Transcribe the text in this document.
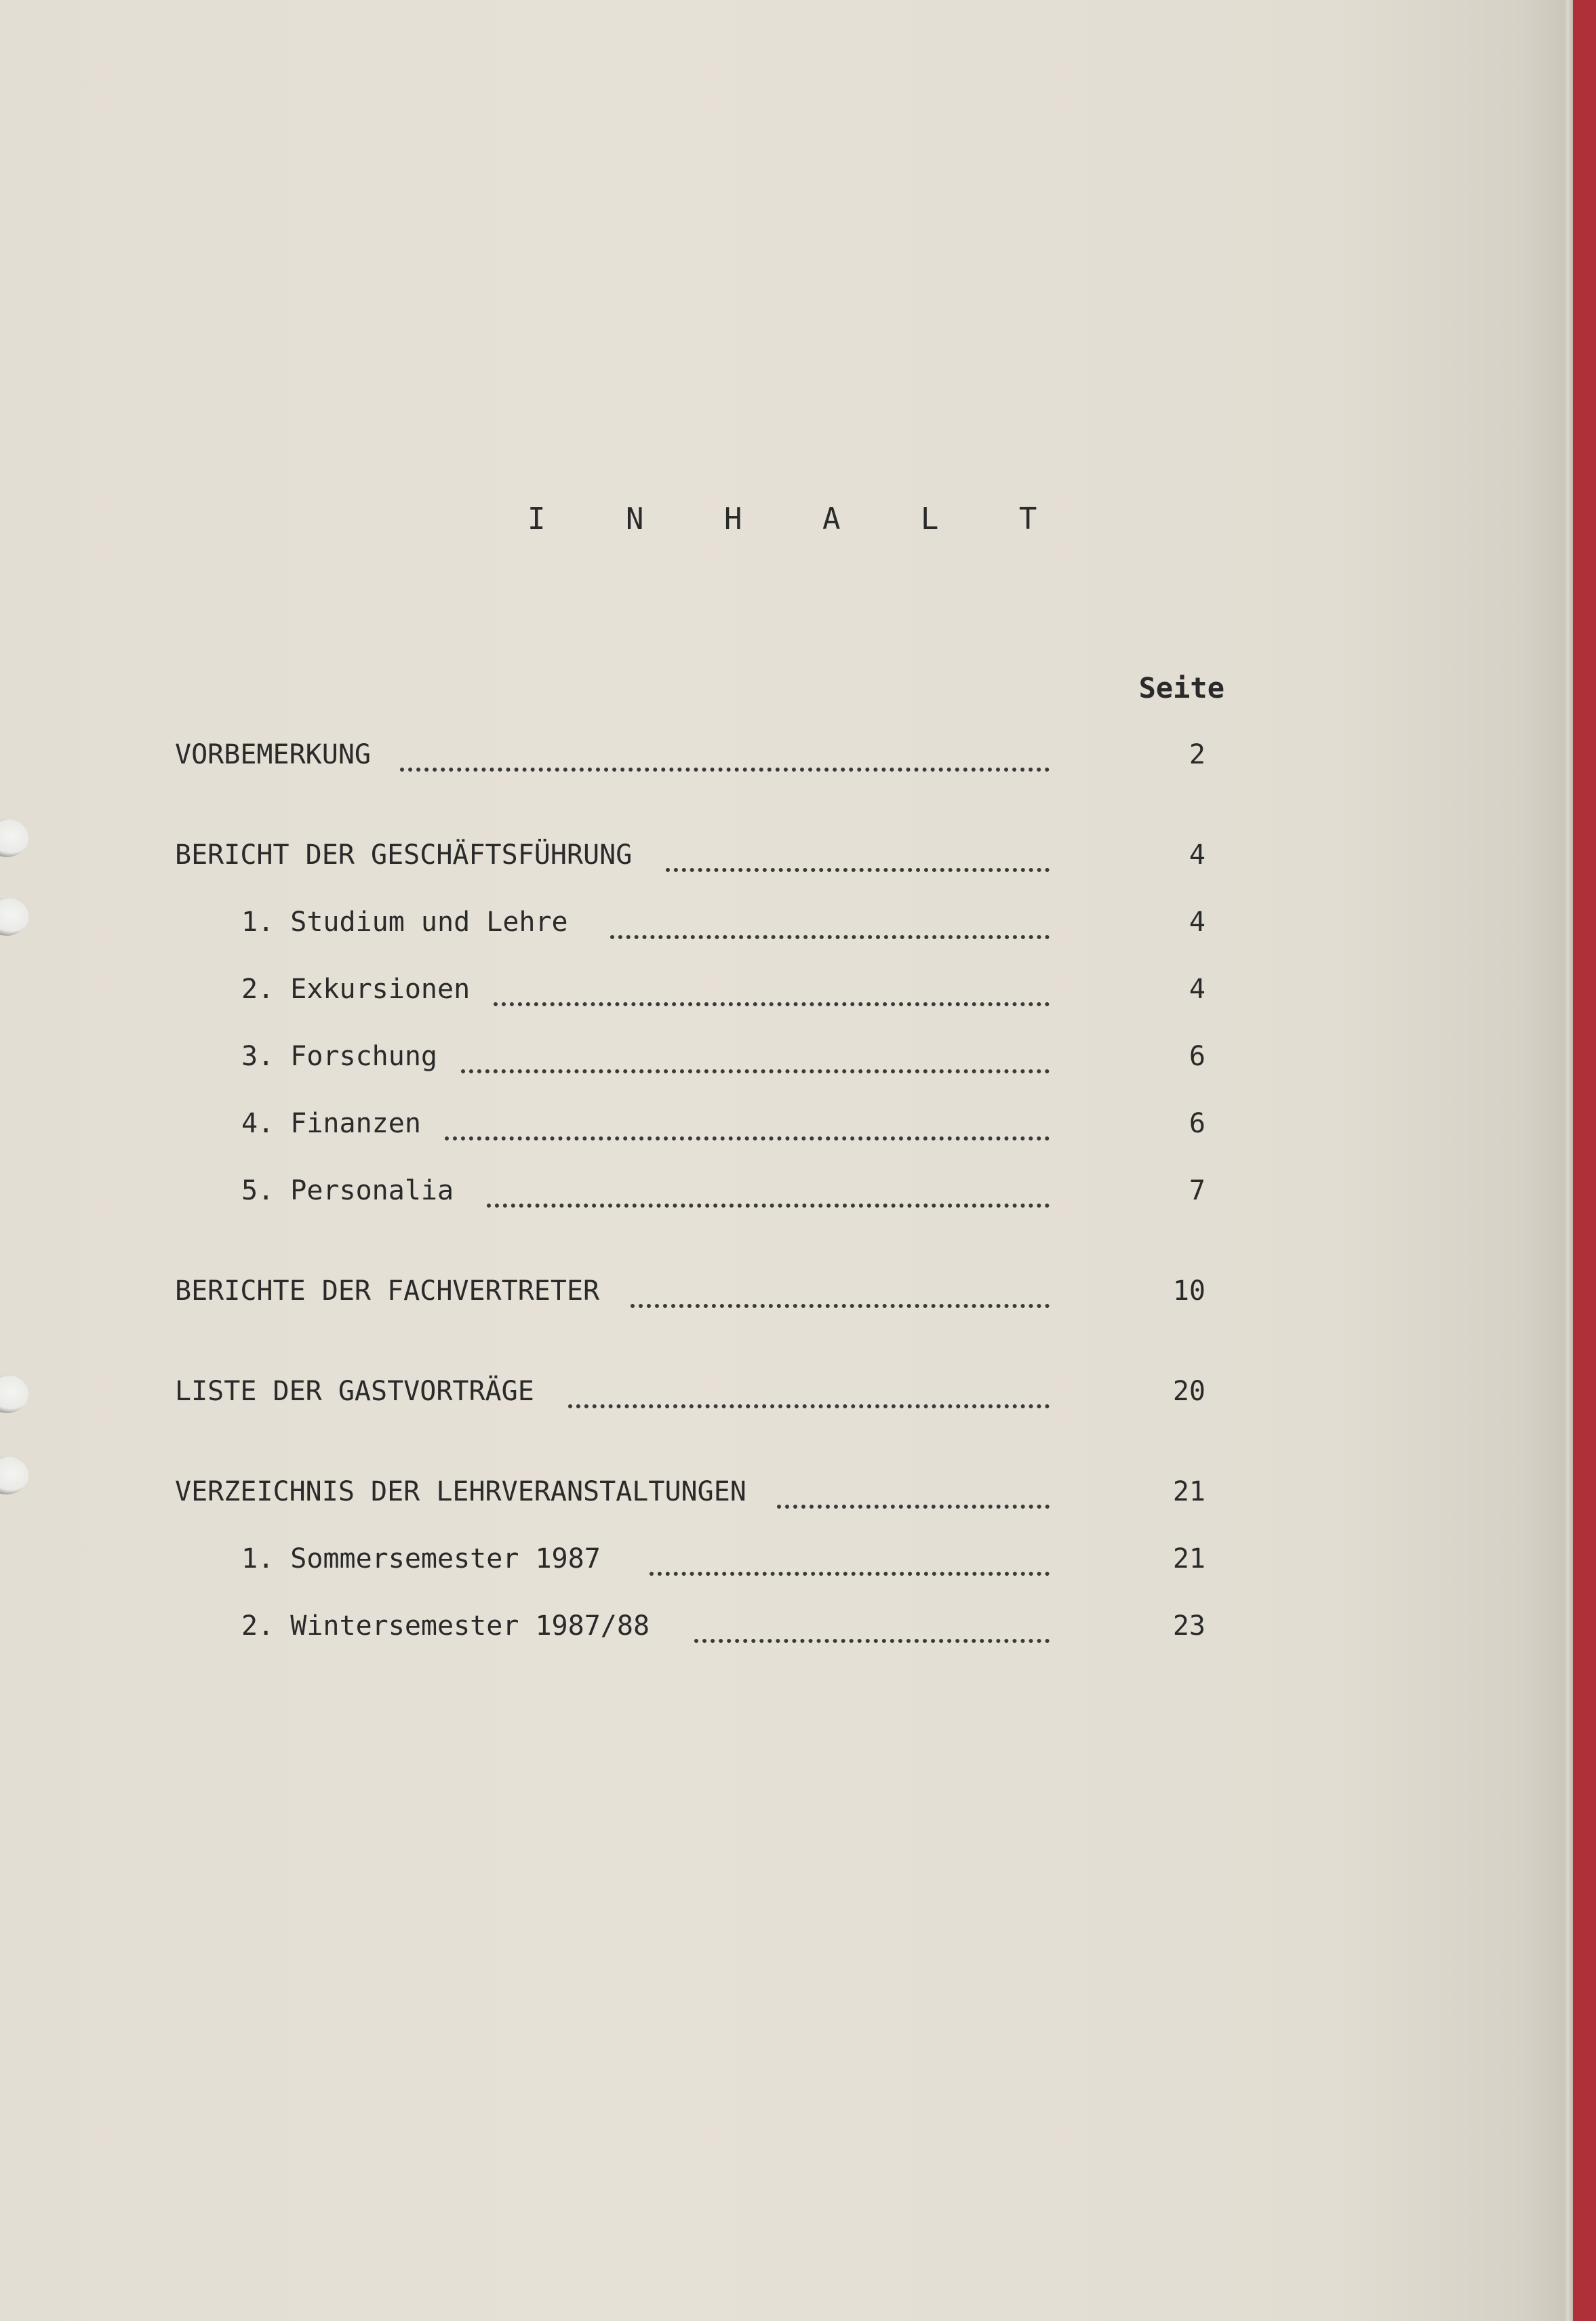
I N H A L T
Seite
VORBEMERKUNG	2
BERICHT DER GESCHÄFTSFÜHRUNG	4
1. Studium und Lehre	4
2. Exkursionen	4
3. Forschung	6
4. Finanzen	6
5. Personalia	7
BERICHTE DER FACHVERTRETER	10
LISTE DER GASTVORTRÄGE	20
VERZEICHNIS DER LEHRVERANSTALTUNGEN	21
1. Sommersemester 1987	21
2. Wintersemester 1987/88	23
